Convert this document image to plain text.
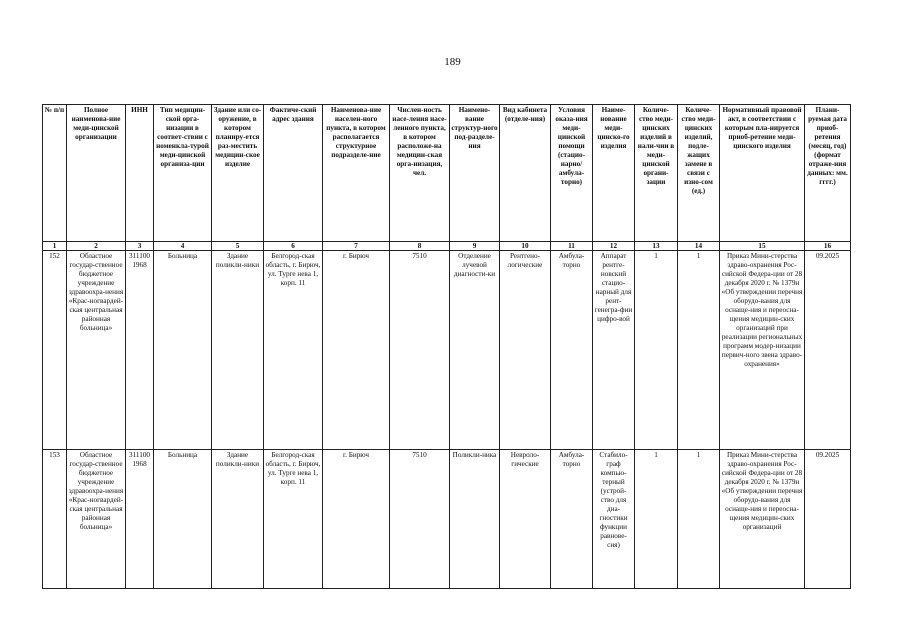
189
№ п/п	Полное наименова-ние меди-цинской организации	ИНН	Тип медицин-ской орга-низации в соответ-ствии с номенкла-турой меди-цинской организа-ции	Здание или со-оружение, в котором планиру-ется раз-местить медицин-ское изделие	Фактиче-ский адрес здания	Наименова-ние населен-ного пункта, в котором располагается структурное подразделе-ние	Числен-ность насе-ления насе-ленного пункта, в котором расположе-на медицин-ская орга-низация, чел.	Наимено-вание структур-ного под-разделе-ния	Вид кабинета (отделе-ния)	Условия оказа-ния меди-цинской помощи (стацио-нарно/ амбула-торно)	Наиме-нование меди-цинско-го изделия	Количе-ство меди-цинских изделий в нали-чии в меди-цинской органи-зации	Количе-ство меди-цинских изделий, подле-жащих замене в связи с изно-сом (ед.)	Нормативный правовой акт, в соответствии с которым пла-нируется приоб-ретение меди-цинского изделия	Плани-руемая дата приоб-ретения (месяц, год) (формат отраже-ния данных: мм. гггг.)
1	2	3	4	5	6	7	8	9	10	11	12	13	14	15	16
152	Областное государ-ственное бюджетное учреждение здравоохра-нения «Крас-ногвардей-ская центральная районная больница»	311100 1968	Больница	Здание поликли-ники	Белгород-ская область, г. Бирюч, ул. Турге нева 1, корп. 11	г. Бирюч	7510	Отделение лучевой диагности-ки	Рентгено-логические	Амбула-торно	Аппарат рентге-новский стацио-нарный для рент-генегра-фии цифро-вой	1	1	Приказ Мини-стерства здраво-охранения Рос-сийской Федера-ции от 28 декабря 2020 г. № 1379н «Об утверждении перечня оборудо-вания для оснаще-ния и переосна-щения медицин-ских организаций при реализации региональных программ модер-низации первич-ного звена здраво-охранения»	09.2025
153	Областное государ-ственное бюджетное учреждение здравоохра-нения «Крас-ногвардей-ская центральная районная больница»	311100 1968	Больница	Здание поликли-ники	Белгород-ская область, г. Бирюч, ул. Турге нева 1, корп. 11	г. Бирюч	7510	Поликли-ника	Невроло-гические	Амбула-торно	Стабило-граф компью-терный (устрой-ство для диа-гностики функции равнове-сия)	1	1	Приказ Мини-стерства здраво-охранения Рос-сийской Федера-ции от 28 декабря 2020 г. № 1379н «Об утверждении перечня оборудо-вания для оснаще-ния и переосна-щения медицин-ских организаций	09.2025
